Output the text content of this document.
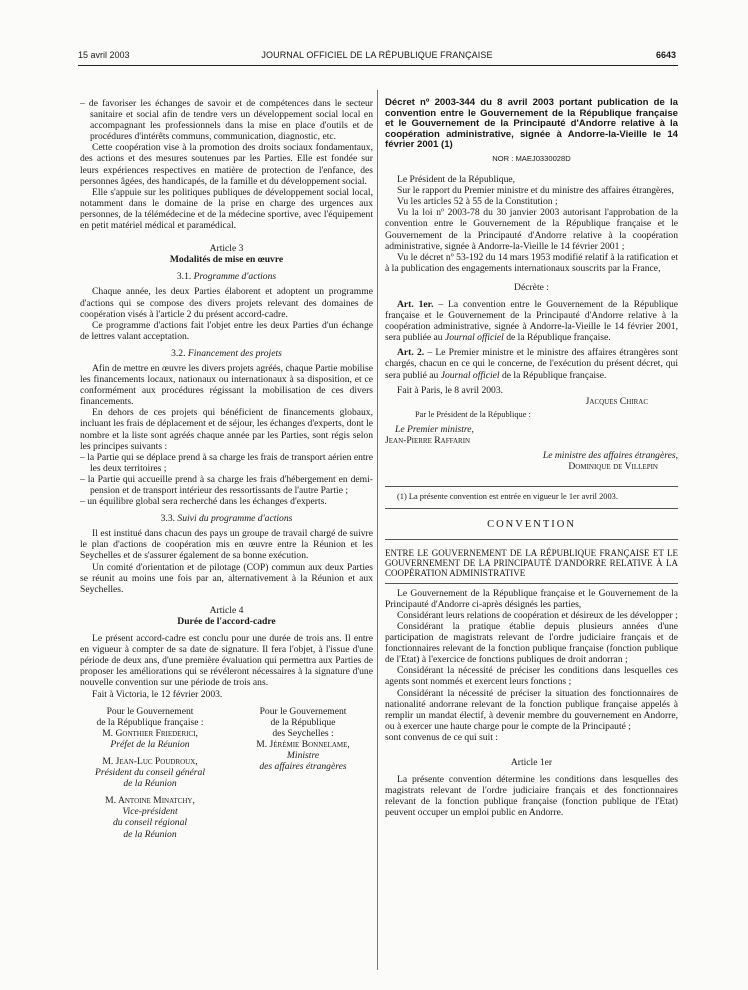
15 avril 2003	JOURNAL OFFICIEL DE LA RÉPUBLIQUE FRANÇAISE	6643

– de favoriser les échanges de savoir et de compétences dans le secteur sanitaire et social afin de tendre vers un développement social local en accompagnant les professionnels dans la mise en place d'outils et de procédures d'intérêts communs, communication, diagnostic, etc.

Cette coopération vise à la promotion des droits sociaux fondamentaux, des actions et des mesures soutenues par les Parties. Elle est fondée sur leurs expériences respectives en matière de protection de l'enfance, des personnes âgées, des handicapés, de la famille et du développement social.

Elle s'appuie sur les politiques publiques de développement social local, notamment dans le domaine de la prise en charge des urgences aux personnes, de la télémédecine et de la médecine sportive, avec l'équipement en petit matériel médical et paramédical.

Article 3
Modalités de mise en œuvre
3.1. Programme d'actions

Chaque année, les deux Parties élaborent et adoptent un programme d'actions qui se compose des divers projets relevant des domaines de coopération visés à l'article 2 du présent accord-cadre.

Ce programme d'actions fait l'objet entre les deux Parties d'un échange de lettres valant acceptation.

3.2. Financement des projets

Afin de mettre en œuvre les divers projets agréés, chaque Partie mobilise les financements locaux, nationaux ou internationaux à sa disposition, et ce conformément aux procédures régissant la mobilisation de ces divers financements.

En dehors de ces projets qui bénéficient de financements globaux, incluant les frais de déplacement et de séjour, les échanges d'experts, dont le nombre et la liste sont agréés chaque année par les Parties, sont régis selon les principes suivants :

– la Partie qui se déplace prend à sa charge les frais de transport aérien entre les deux territoires ;

– la Partie qui accueille prend à sa charge les frais d'hébergement en demi-pension et de transport intérieur des ressortissants de l'autre Partie ;

– un équilibre global sera recherché dans les échanges d'experts.

3.3. Suivi du programme d'actions

Il est institué dans chacun des pays un groupe de travail chargé de suivre le plan d'actions de coopération mis en œuvre entre la Réunion et les Seychelles et de s'assurer également de sa bonne exécution.

Un comité d'orientation et de pilotage (COP) commun aux deux Parties se réunit au moins une fois par an, alternativement à la Réunion et aux Seychelles.

Article 4
Durée de l'accord-cadre

Le présent accord-cadre est conclu pour une durée de trois ans. Il entre en vigueur à compter de sa date de signature. Il fera l'objet, à l'issue d'une période de deux ans, d'une première évaluation qui permettra aux Parties de proposer les améliorations qui se révéleront nécessaires à la signature d'une nouvelle convention sur une période de trois ans.

Fait à Victoria, le 12 février 2003.

Pour le Gouvernement
de la République française :
M. Gonthier Friederici,
Préfet de la Réunion
M. Jean-Luc Poudroux,
Président du conseil général
de la Réunion
M. Antoine Minatchy,
Vice-président
du conseil régional
de la Réunion
Pour le Gouvernement
de la République
des Seychelles :
M. Jérémie Bonnelame,
Ministre
des affaires étrangères

Décret nº 2003-344 du 8 avril 2003 portant publication de la convention entre le Gouvernement de la République française et le Gouvernement de la Principauté d'Andorre relative à la coopération administrative, signée à Andorre-la-Vieille le 14 février 2001 (1)

NOR : MAEJ0330028D

Le Président de la République,

Sur le rapport du Premier ministre et du ministre des affaires étrangères,

Vu les articles 52 à 55 de la Constitution ;

Vu la loi nº 2003-78 du 30 janvier 2003 autorisant l'approbation de la convention entre le Gouvernement de la République française et le Gouvernement de la Principauté d'Andorre relative à la coopération administrative, signée à Andorre-la-Vieille le 14 février 2001 ;

Vu le décret nº 53-192 du 14 mars 1953 modifié relatif à la ratification et à la publication des engagements internationaux souscrits par la France,

Décrète :

Art. 1er. – La convention entre le Gouvernement de la République française et le Gouvernement de la Principauté d'Andorre relative à la coopération administrative, signée à Andorre-la-Vieille le 14 février 2001, sera publiée au Journal officiel de la République française.

Art. 2. – Le Premier ministre et le ministre des affaires étrangères sont chargés, chacun en ce qui le concerne, de l'exécution du présent décret, qui sera publié au Journal officiel de la République française.

Fait à Paris, le 8 avril 2003.

Jacques Chirac

Par le Président de la République :

Le Premier ministre,

Jean-Pierre Raffarin

Le ministre des affaires étrangères,

Dominique de Villepin

(1) La présente convention est entrée en vigueur le 1er avril 2003.

CONVENTION

ENTRE LE GOUVERNEMENT DE LA RÉPUBLIQUE FRANÇAISE ET LE GOUVERNEMENT DE LA PRINCIPAUTÉ D'ANDORRE RELATIVE À LA COOPÉRATION ADMINISTRATIVE

Le Gouvernement de la République française et le Gouvernement de la Principauté d'Andorre ci-après désignés les parties,

Considérant leurs relations de coopération et désireux de les développer ;

Considérant la pratique établie depuis plusieurs années d'une participation de magistrats relevant de l'ordre judiciaire français et de fonctionnaires relevant de la fonction publique française (fonction publique de l'Etat) à l'exercice de fonctions publiques de droit andorran ;

Considérant la nécessité de préciser les conditions dans lesquelles ces agents sont nommés et exercent leurs fonctions ;

Considérant la nécessité de préciser la situation des fonctionnaires de nationalité andorrane relevant de la fonction publique française appelés à remplir un mandat électif, à devenir membre du gouvernement en Andorre, ou à exercer une haute charge pour le compte de la Principauté ;

sont convenus de ce qui suit :

Article 1er

La présente convention détermine les conditions dans lesquelles des magistrats relevant de l'ordre judiciaire français et des fonctionnaires relevant de la fonction publique française (fonction publique de l'Etat) peuvent occuper un emploi public en Andorre.
